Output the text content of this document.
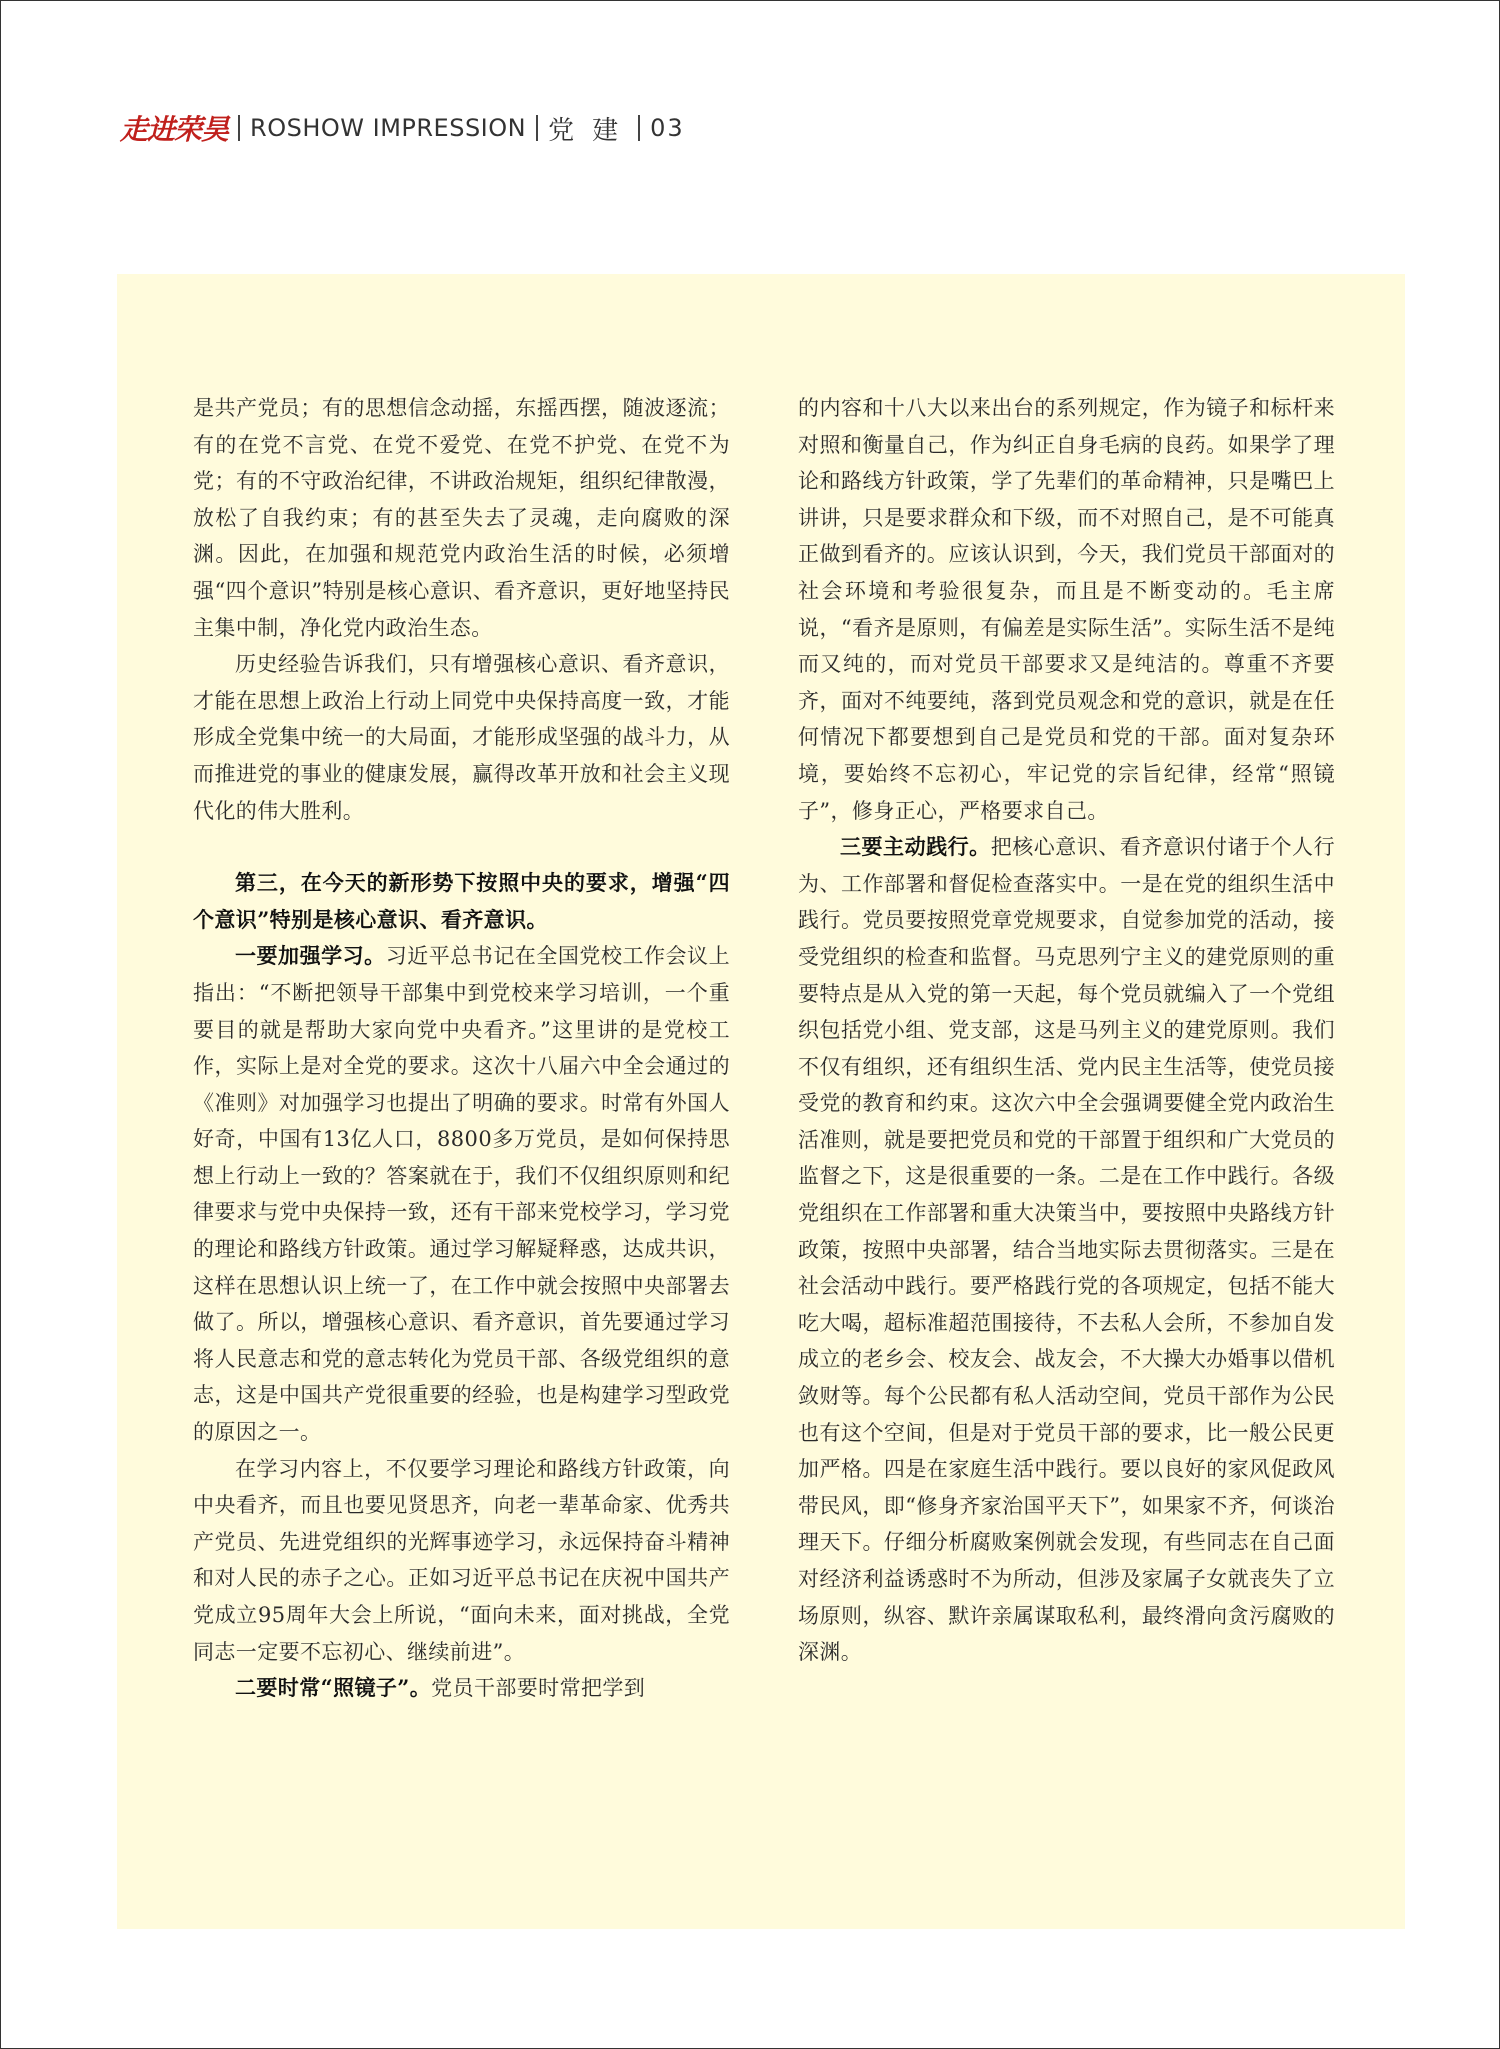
走进荣昊 ROSHOW IMPRESSION 党建 03

是共产党员；有的思想信念动摇，东摇西摆，随波逐流；有的在党不言党、在党不爱党、在党不护党、在党不为党；有的不守政治纪律，不讲政治规矩，组织纪律散漫，放松了自我约束；有的甚至失去了灵魂，走向腐败的深渊。因此，在加强和规范党内政治生活的时候，必须增强“四个意识”特别是核心意识、看齐意识，更好地坚持民主集中制，净化党内政治生态。

历史经验告诉我们，只有增强核心意识、看齐意识，才能在思想上政治上行动上同党中央保持高度一致，才能形成全党集中统一的大局面，才能形成坚强的战斗力，从而推进党的事业的健康发展，赢得改革开放和社会主义现代化的伟大胜利。

第三，在今天的新形势下按照中央的要求，增强“四个意识”特别是核心意识、看齐意识。

一要加强学习。习近平总书记在全国党校工作会议上指出：“不断把领导干部集中到党校来学习培训，一个重要目的就是帮助大家向党中央看齐。”这里讲的是党校工作，实际上是对全党的要求。这次十八届六中全会通过的《准则》对加强学习也提出了明确的要求。时常有外国人好奇，中国有13亿人口，8800多万党员，是如何保持思想上行动上一致的？答案就在于，我们不仅组织原则和纪律要求与党中央保持一致，还有干部来党校学习，学习党的理论和路线方针政策。通过学习解疑释惑，达成共识，这样在思想认识上统一了，在工作中就会按照中央部署去做了。所以，增强核心意识、看齐意识，首先要通过学习将人民意志和党的意志转化为党员干部、各级党组织的意志，这是中国共产党很重要的经验，也是构建学习型政党的原因之一。

在学习内容上，不仅要学习理论和路线方针政策，向中央看齐，而且也要见贤思齐，向老一辈革命家、优秀共产党员、先进党组织的光辉事迹学习，永远保持奋斗精神和对人民的赤子之心。正如习近平总书记在庆祝中国共产党成立95周年大会上所说，“面向未来，面对挑战，全党同志一定要不忘初心、继续前进”。

二要时常“照镜子”。党员干部要时常把学到

的内容和十八大以来出台的系列规定，作为镜子和标杆来对照和衡量自己，作为纠正自身毛病的良药。如果学了理论和路线方针政策，学了先辈们的革命精神，只是嘴巴上讲讲，只是要求群众和下级，而不对照自己，是不可能真正做到看齐的。应该认识到，今天，我们党员干部面对的社会环境和考验很复杂，而且是不断变动的。毛主席说，“看齐是原则，有偏差是实际生活”。实际生活不是纯而又纯的，而对党员干部要求又是纯洁的。尊重不齐要齐，面对不纯要纯，落到党员观念和党的意识，就是在任何情况下都要想到自己是党员和党的干部。面对复杂环境，要始终不忘初心，牢记党的宗旨纪律，经常“照镜子”，修身正心，严格要求自己。

三要主动践行。把核心意识、看齐意识付诸于个人行为、工作部署和督促检查落实中。一是在党的组织生活中践行。党员要按照党章党规要求，自觉参加党的活动，接受党组织的检查和监督。马克思列宁主义的建党原则的重要特点是从入党的第一天起，每个党员就编入了一个党组织包括党小组、党支部，这是马列主义的建党原则。我们不仅有组织，还有组织生活、党内民主生活等，使党员接受党的教育和约束。这次六中全会强调要健全党内政治生活准则，就是要把党员和党的干部置于组织和广大党员的监督之下，这是很重要的一条。二是在工作中践行。各级党组织在工作部署和重大决策当中，要按照中央路线方针政策，按照中央部署，结合当地实际去贯彻落实。三是在社会活动中践行。要严格践行党的各项规定，包括不能大吃大喝，超标准超范围接待，不去私人会所，不参加自发成立的老乡会、校友会、战友会，不大操大办婚事以借机敛财等。每个公民都有私人活动空间，党员干部作为公民也有这个空间，但是对于党员干部的要求，比一般公民更加严格。四是在家庭生活中践行。要以良好的家风促政风带民风，即“修身齐家治国平天下”，如果家不齐，何谈治理天下。仔细分析腐败案例就会发现，有些同志在自己面对经济利益诱惑时不为所动，但涉及家属子女就丧失了立场原则，纵容、默许亲属谋取私利，最终滑向贪污腐败的深渊。
